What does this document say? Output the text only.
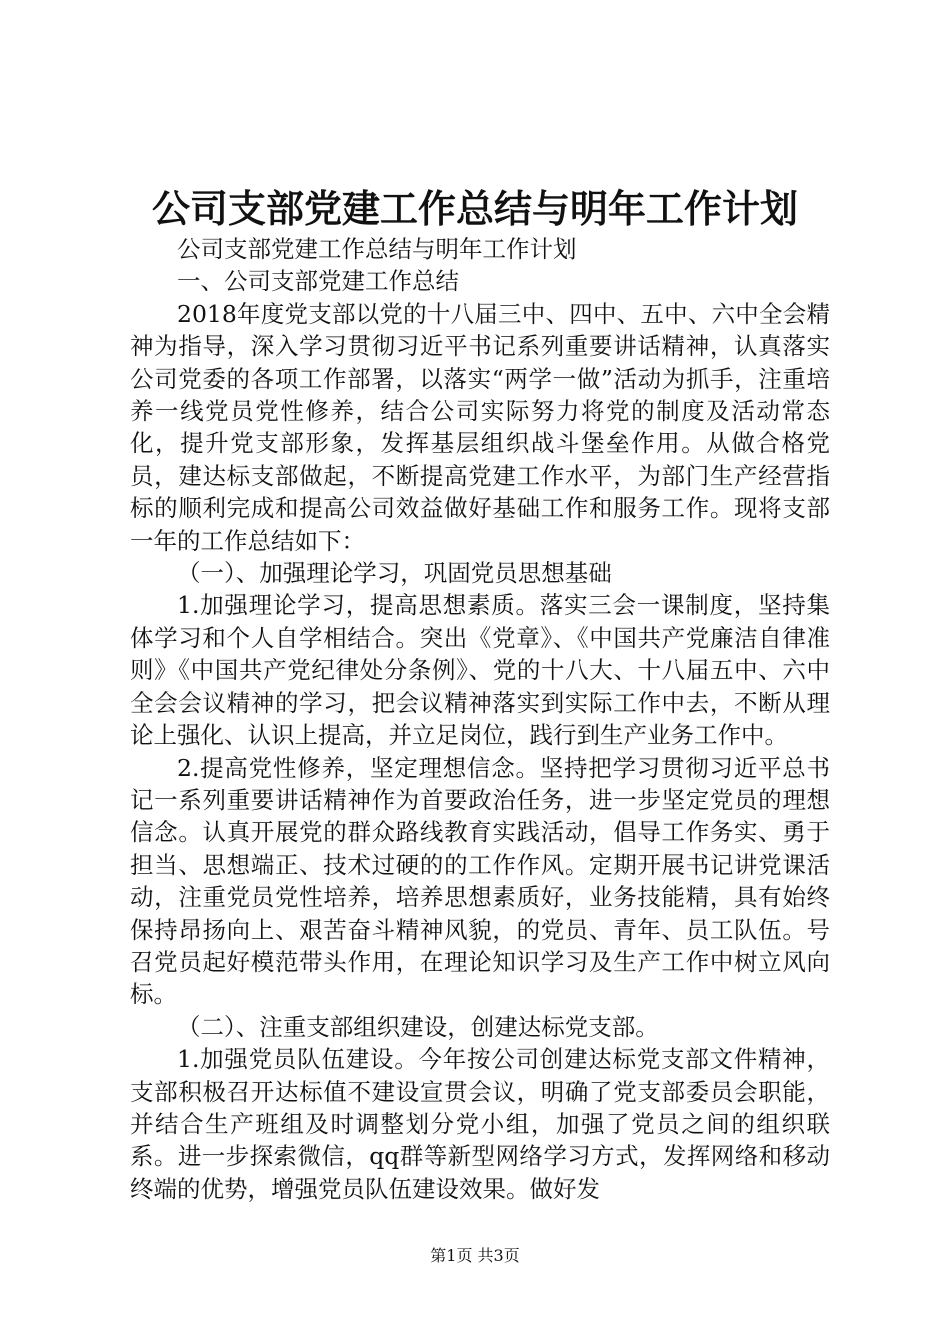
公司支部党建工作总结与明年工作计划

公司支部党建工作总结与明年工作计划

一、公司支部党建工作总结

2018年度党支部以党的十八届三中、四中、五中、六中全会精神为指导，深入学习贯彻习近平书记系列重要讲话精神，认真落实公司党委的各项工作部署，以落实“两学一做”活动为抓手，注重培养一线党员党性修养，结合公司实际努力将党的制度及活动常态化，提升党支部形象，发挥基层组织战斗堡垒作用。从做合格党员，建达标支部做起，不断提高党建工作水平，为部门生产经营指标的顺利完成和提高公司效益做好基础工作和服务工作。现将支部一年的工作总结如下：

（一）、加强理论学习，巩固党员思想基础

1.加强理论学习，提高思想素质。落实三会一课制度，坚持集体学习和个人自学相结合。突出《党章》、《中国共产党廉洁自律准则》《中国共产党纪律处分条例》、党的十八大、十八届五中、六中全会会议精神的学习，把会议精神落实到实际工作中去，不断从理论上强化、认识上提高，并立足岗位，践行到生产业务工作中。

2.提高党性修养，坚定理想信念。坚持把学习贯彻习近平总书记一系列重要讲话精神作为首要政治任务，进一步坚定党员的理想信念。认真开展党的群众路线教育实践活动，倡导工作务实、勇于担当、思想端正、技术过硬的的工作作风。定期开展书记讲党课活动，注重党员党性培养，培养思想素质好，业务技能精，具有始终保持昂扬向上、艰苦奋斗精神风貌，的党员、青年、员工队伍。号召党员起好模范带头作用，在理论知识学习及生产工作中树立风向标。

（二）、注重支部组织建设，创建达标党支部。

1.加强党员队伍建设。今年按公司创建达标党支部文件精神，支部积极召开达标值不建设宣贯会议，明确了党支部委员会职能，并结合生产班组及时调整划分党小组，加强了党员之间的组织联系。进一步探索微信，qq群等新型网络学习方式，发挥网络和移动终端的优势，增强党员队伍建设效果。做好发

第1页 共3页
